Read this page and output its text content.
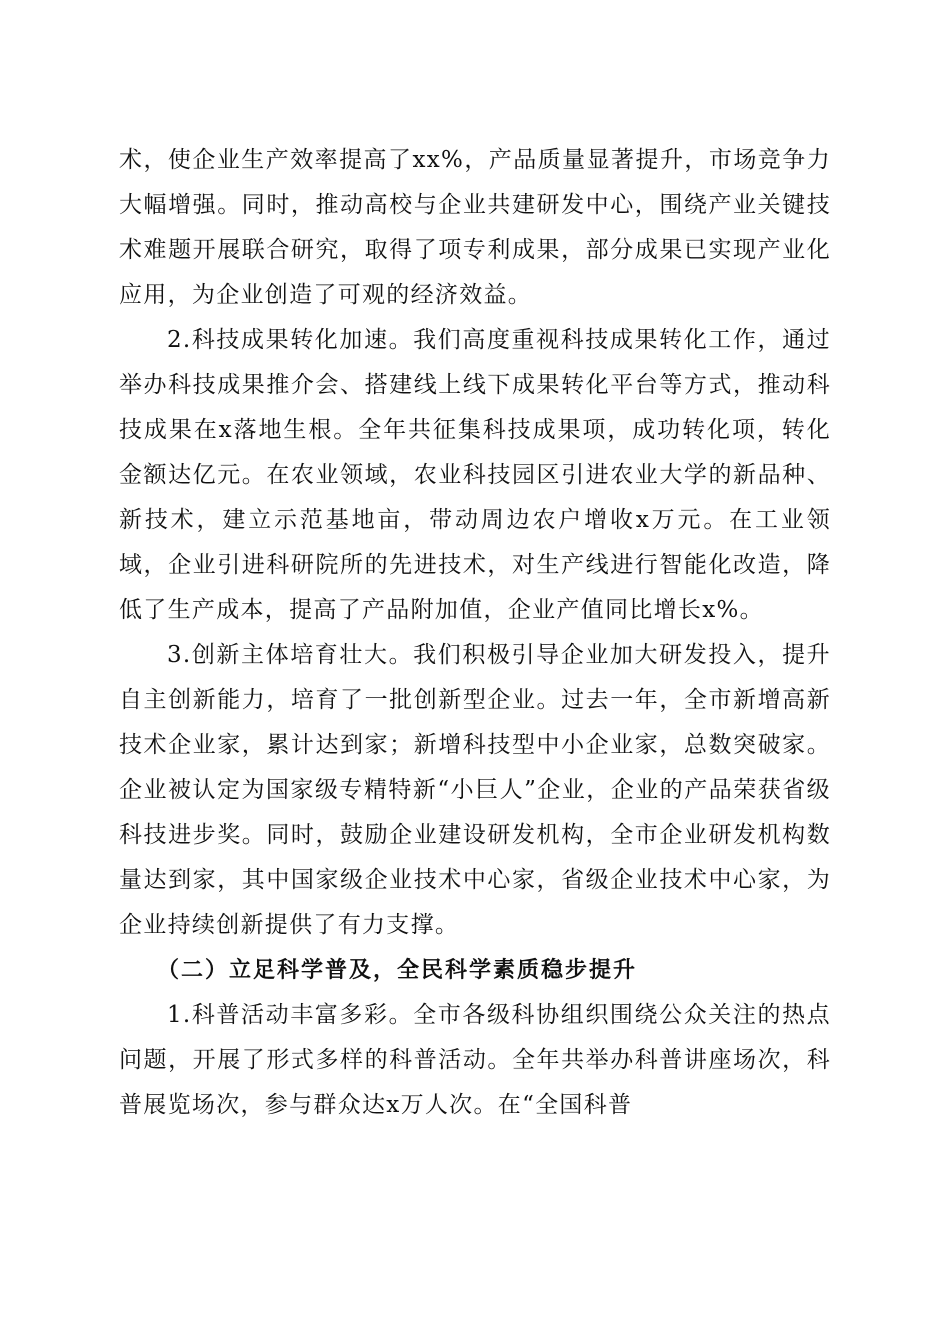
术，使企业生产效率提高了xx%，产品质量显著提升，市场竞争力大幅增强。同时，推动高校与企业共建研发中心，围绕产业关键技术难题开展联合研究，取得了项专利成果，部分成果已实现产业化应用，为企业创造了可观的经济效益。

2.科技成果转化加速。我们高度重视科技成果转化工作，通过举办科技成果推介会、搭建线上线下成果转化平台等方式，推动科技成果在x落地生根。全年共征集科技成果项，成功转化项，转化金额达亿元。在农业领域，农业科技园区引进农业大学的新品种、新技术，建立示范基地亩，带动周边农户增收x万元。在工业领域，企业引进科研院所的先进技术，对生产线进行智能化改造，降低了生产成本，提高了产品附加值，企业产值同比增长x%。

3.创新主体培育壮大。我们积极引导企业加大研发投入，提升自主创新能力，培育了一批创新型企业。过去一年，全市新增高新技术企业家，累计达到家；新增科技型中小企业家，总数突破家。企业被认定为国家级专精特新“小巨人”企业，企业的产品荣获省级科技进步奖。同时，鼓励企业建设研发机构，全市企业研发机构数量达到家，其中国家级企业技术中心家，省级企业技术中心家，为企业持续创新提供了有力支撑。

（二）立足科学普及，全民科学素质稳步提升

1.科普活动丰富多彩。全市各级科协组织围绕公众关注的热点问题，开展了形式多样的科普活动。全年共举办科普讲座场次，科普展览场次，参与群众达x万人次。在“全国科普
